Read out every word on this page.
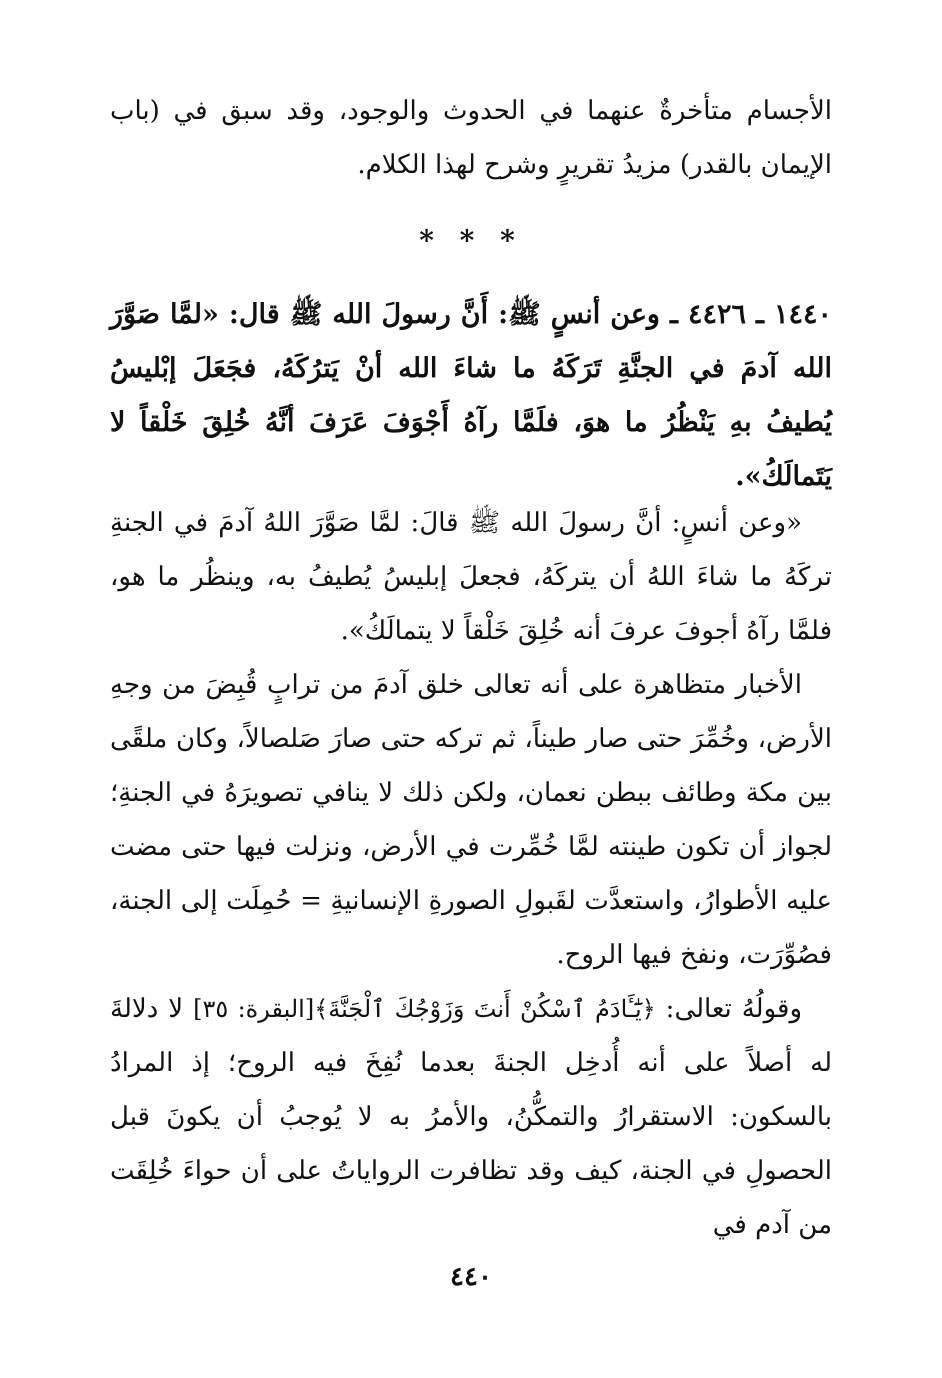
الأجسام متأخرةٌ عنهما في الحدوث والوجود، وقد سبق في (باب الإيمان بالقدر) مزيدُ تقريرٍ وشرح لهذا الكلام.

* * *

١٤٤٠ ـ ٤٤٢٦ ـ وعن أنسٍ ﷺ: أَنَّ رسولَ الله ﷺ قال: «لمَّا صَوَّرَ الله آدمَ في الجنَّةِ تَرَكَهُ ما شاءَ الله أنْ يَترُكَهُ، فجَعَلَ إبْليسُ يُطيفُ بهِ يَنْظُرُ ما هوَ، فلَمَّا رآهُ أَجْوَفَ عَرَفَ أنَّهُ خُلِقَ خَلْقاً لا يَتَمالَكُ».

«وعن أنسٍ: أنَّ رسولَ الله ﷺ قالَ: لمَّا صَوَّرَ اللهُ آدمَ في الجنةِ تركَهُ ما شاءَ اللهُ أن يتركَهُ، فجعلَ إبليسُ يُطيفُ به، وينظُر ما هو، فلمَّا رآهُ أجوفَ عرفَ أنه خُلِقَ خَلْقاً لا يتمالَكُ».

الأخبار متظاهرة على أنه تعالى خلق آدمَ من ترابٍ قُبِضَ من وجهِ الأرض، وخُمِّرَ حتى صار طيناً، ثم تركه حتى صارَ صَلصالاً، وكان ملقًى بين مكة وطائف ببطن نعمان، ولكن ذلك لا ينافي تصويرَهُ في الجنةِ؛ لجواز أن تكون طينته لمَّا خُمِّرت في الأرض، ونزلت فيها حتى مضت عليه الأطوارُ، واستعدَّت لقَبولِ الصورةِ الإنسانيةِ = حُمِلَت إلى الجنة، فصُوِّرَت، ونفخ فيها الروح.

وقولُهُ تعالى: ﴿يَٰٓـَٔادَمُ ٱسْكُنْ أَنتَ وَزَوْجُكَ ٱلْجَنَّةَ﴾[البقرة: ٣٥] لا دلالةَ له أصلاً على أنه أُدخِل الجنةَ بعدما نُفِخَ فيه الروح؛ إذ المرادُ بالسكون: الاستقرارُ والتمكُّنُ، والأمرُ به لا يُوجبُ أن يكونَ قبل الحصولِ في الجنة، كيف وقد تظافرت الرواياتُ على أن حواءَ خُلِقَت من آدم في

٤٤٠
